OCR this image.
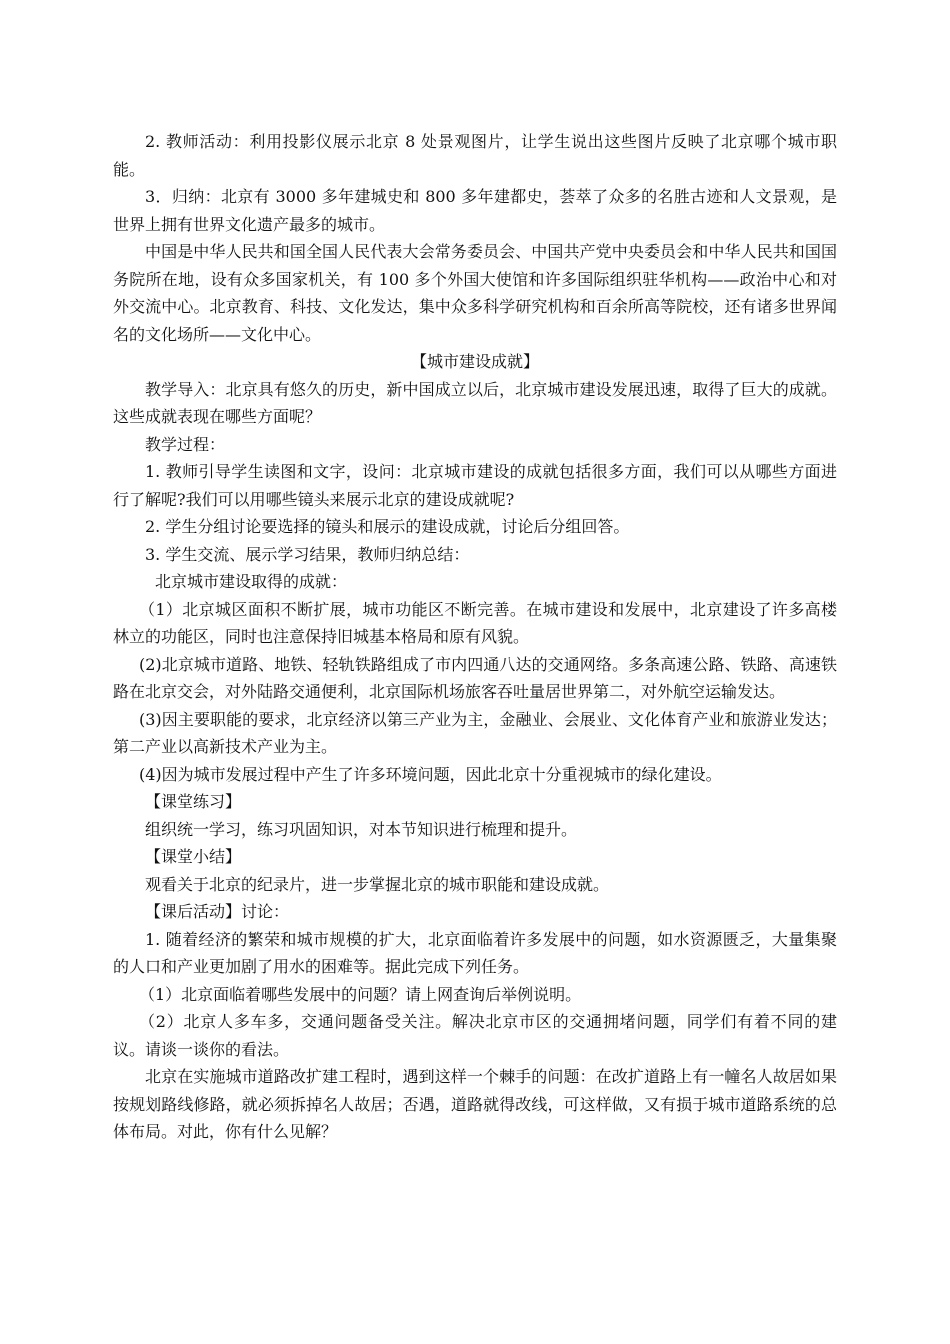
2. 教师活动：利用投影仪展示北京 8 处景观图片，让学生说出这些图片反映了北京哪个城市职能。

3．归纳：北京有 3000 多年建城史和 800 多年建都史，荟萃了众多的名胜古迹和人文景观，是世界上拥有世界文化遗产最多的城市。

中国是中华人民共和国全国人民代表大会常务委员会、中国共产党中央委员会和中华人民共和国国务院所在地，设有众多国家机关，有 100 多个外国大使馆和许多国际组织驻华机构——政治中心和对外交流中心。北京教育、科技、文化发达，集中众多科学研究机构和百余所高等院校，还有诸多世界闻名的文化场所——文化中心。

【城市建设成就】

教学导入：北京具有悠久的历史，新中国成立以后，北京城市建设发展迅速，取得了巨大的成就。这些成就表现在哪些方面呢？

教学过程：

1. 教师引导学生读图和文字，设问：北京城市建设的成就包括很多方面，我们可以从哪些方面进行了解呢?我们可以用哪些镜头来展示北京的建设成就呢?

2. 学生分组讨论要选择的镜头和展示的建设成就，讨论后分组回答。

3. 学生交流、展示学习结果，教师归纳总结：

北京城市建设取得的成就：

（1）北京城区面积不断扩展，城市功能区不断完善。在城市建设和发展中，北京建设了许多高楼林立的功能区，同时也注意保持旧城基本格局和原有风貌。

(2)北京城市道路、地铁、轻轨铁路组成了市内四通八达的交通网络。多条高速公路、铁路、高速铁路在北京交会，对外陆路交通便利，北京国际机场旅客吞吐量居世界第二，对外航空运输发达。

(3)因主要职能的要求，北京经济以第三产业为主，金融业、会展业、文化体育产业和旅游业发达；第二产业以高新技术产业为主。

(4)因为城市发展过程中产生了许多环境问题，因此北京十分重视城市的绿化建设。

【课堂练习】

组织统一学习，练习巩固知识，对本节知识进行梳理和提升。

【课堂小结】

观看关于北京的纪录片，进一步掌握北京的城市职能和建设成就。

【课后活动】讨论：

1. 随着经济的繁荣和城市规模的扩大，北京面临着许多发展中的问题，如水资源匮乏，大量集聚的人口和产业更加剧了用水的困难等。据此完成下列任务。

（1）北京面临着哪些发展中的问题？请上网查询后举例说明。

（2）北京人多车多，交通问题备受关注。解决北京市区的交通拥堵问题，同学们有着不同的建议。请谈一谈你的看法。

北京在实施城市道路改扩建工程时，遇到这样一个棘手的问题：在改扩道路上有一幢名人故居如果按规划路线修路，就必须拆掉名人故居；否遇，道路就得改线，可这样做，又有损于城市道路系统的总体布局。对此，你有什么见解？
